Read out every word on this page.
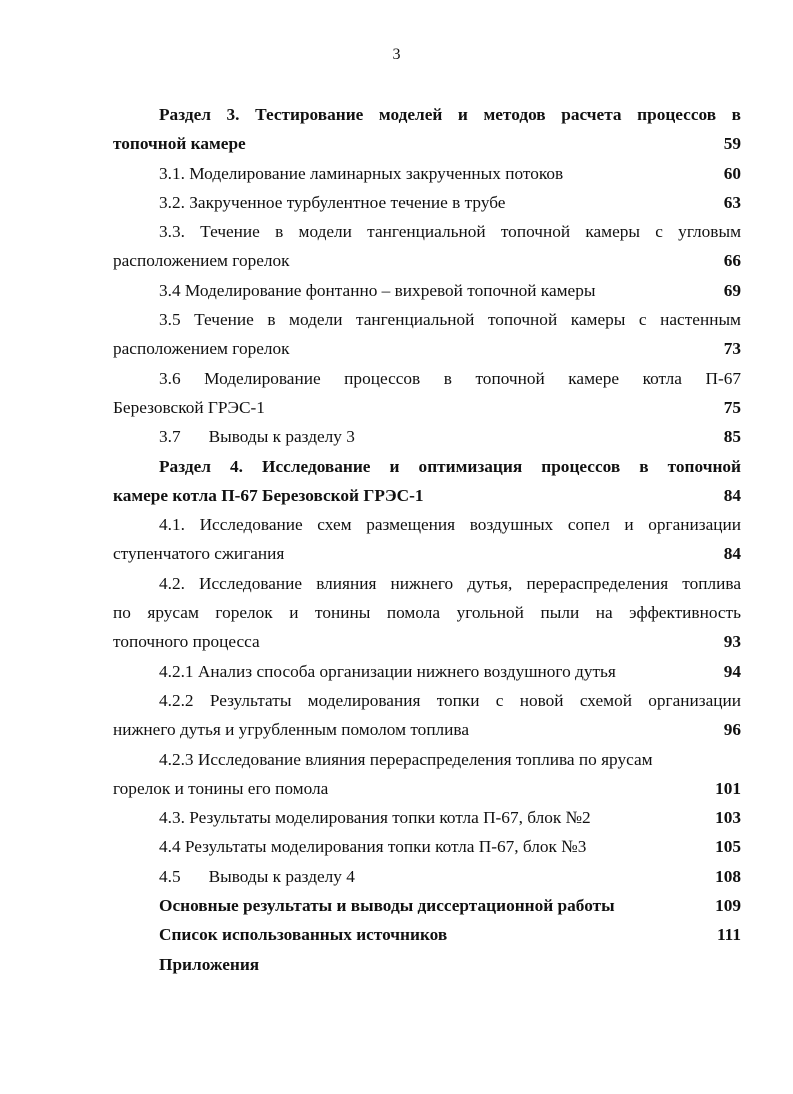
3
Раздел 3. Тестирование моделей и методов расчета процессов в
топочной камере	59
3.1. Моделирование ламинарных закрученных потоков	60
3.2. Закрученное турбулентное течение в трубе	63
3.3. Течение в модели тангенциальной топочной камеры с угловым
расположением горелок	66
3.4 Моделирование фонтанно – вихревой топочной камеры	69
3.5 Течение в модели тангенциальной топочной камеры с настенным
расположением горелок	73
3.6 Моделирование процессов в топочной камере котла П-67
Березовской ГРЭС-1	75
3.7 Выводы к разделу 3	85
Раздел 4. Исследование и оптимизация процессов в топочной
камере котла П-67 Березовской ГРЭС-1	84
4.1. Исследование схем размещения воздушных сопел и организации
ступенчатого сжигания	84
4.2. Исследование влияния нижнего дутья, перераспределения топлива
по ярусам горелок и тонины помола угольной пыли на эффективность
топочного процесса	93
4.2.1 Анализ способа организации нижнего воздушного дутья	94
4.2.2 Результаты моделирования топки с новой схемой организации
нижнего дутья и угрубленным помолом топлива	96
4.2.3 Исследование влияния перераспределения топлива по ярусам
горелок и тонины его помола	101
4.3. Результаты моделирования топки котла П-67, блок №2	103
4.4 Результаты моделирования топки котла П-67, блок №3	105
4.5 Выводы к разделу 4	108
Основные результаты и выводы диссертационной работы	109
Список использованных источников	111
Приложения
